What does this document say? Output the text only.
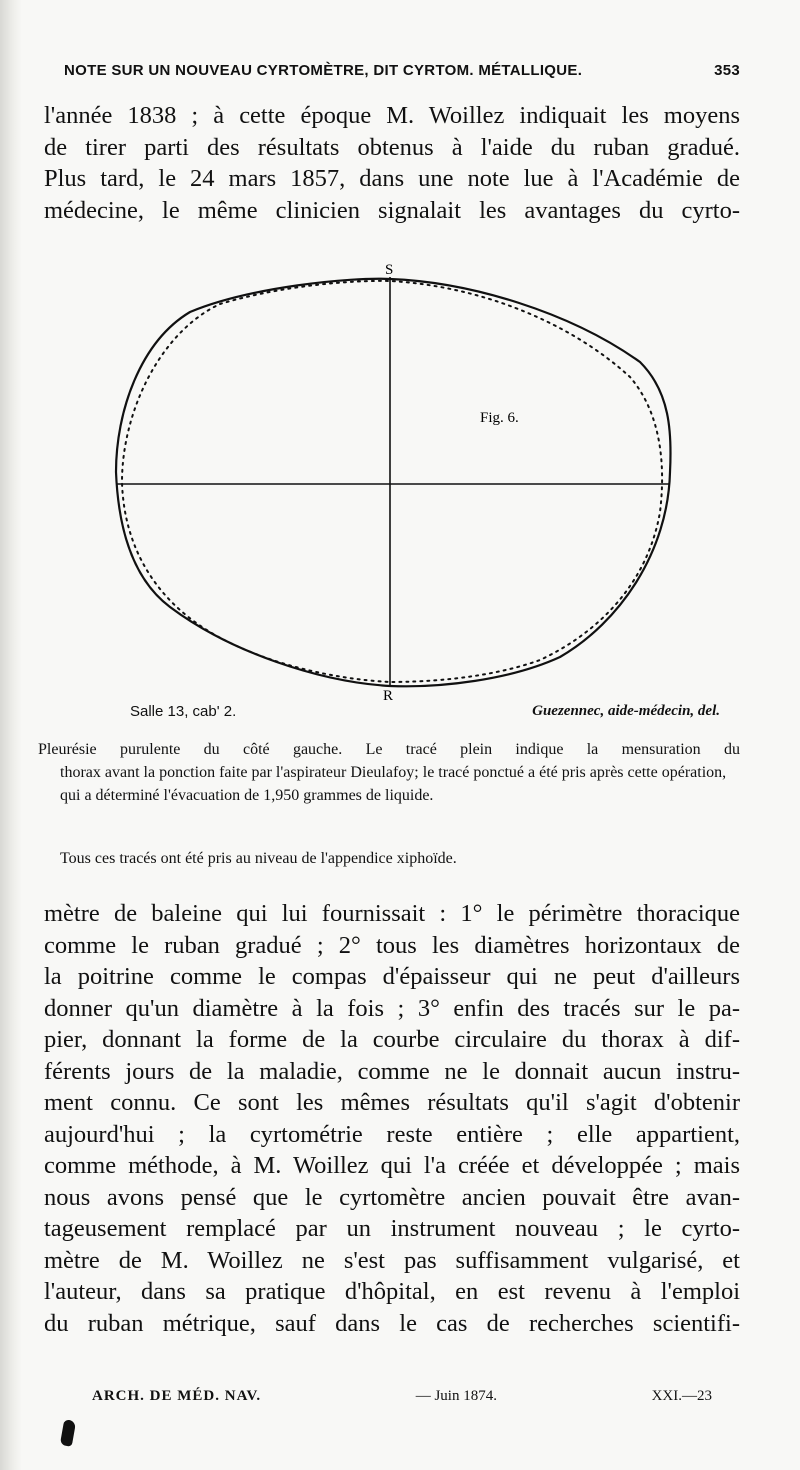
NOTE SUR UN NOUVEAU CYRTOMÈTRE, DIT CYRTOM. MÉTALLIQUE.	353
l'année 1838 ; à cette époque M. Woillez indiquait les moyens
de tirer parti des résultats obtenus à l'aide du ruban gradué.
Plus tard, le 24 mars 1857, dans une note lue à l'Académie de
médecine, le même clinicien signalait les avantages du cyrto-
S
R
Fig. 6.
Salle 13, cab' 2.	Guezennec, aide-médecin, del.
Pleurésie purulente du côté gauche. Le tracé plein indique la mensuration du
thorax avant la ponction faite par l'aspirateur Dieulafoy; le tracé ponctué a été pris après cette opération, qui a déterminé l'évacuation de 1,950 grammes de liquide.
Tous ces tracés ont été pris au niveau de l'appendice xiphoïde.
mètre de baleine qui lui fournissait : 1° le périmètre thoracique
comme le ruban gradué ; 2° tous les diamètres horizontaux de
la poitrine comme le compas d'épaisseur qui ne peut d'ailleurs
donner qu'un diamètre à la fois ; 3° enfin des tracés sur le pa-
pier, donnant la forme de la courbe circulaire du thorax à dif-
férents jours de la maladie, comme ne le donnait aucun instru-
ment connu. Ce sont les mêmes résultats qu'il s'agit d'obtenir
aujourd'hui ; la cyrtométrie reste entière ; elle appartient,
comme méthode, à M. Woillez qui l'a créée et développée ; mais
nous avons pensé que le cyrtomètre ancien pouvait être avan-
tageusement remplacé par un instrument nouveau ; le cyrto-
mètre de M. Woillez ne s'est pas suffisamment vulgarisé, et
l'auteur, dans sa pratique d'hôpital, en est revenu à l'emploi
du ruban métrique, sauf dans le cas de recherches scientifi-
ARCH. DE MÉD. NAV.	— Juin 1874.	XXI.—23
